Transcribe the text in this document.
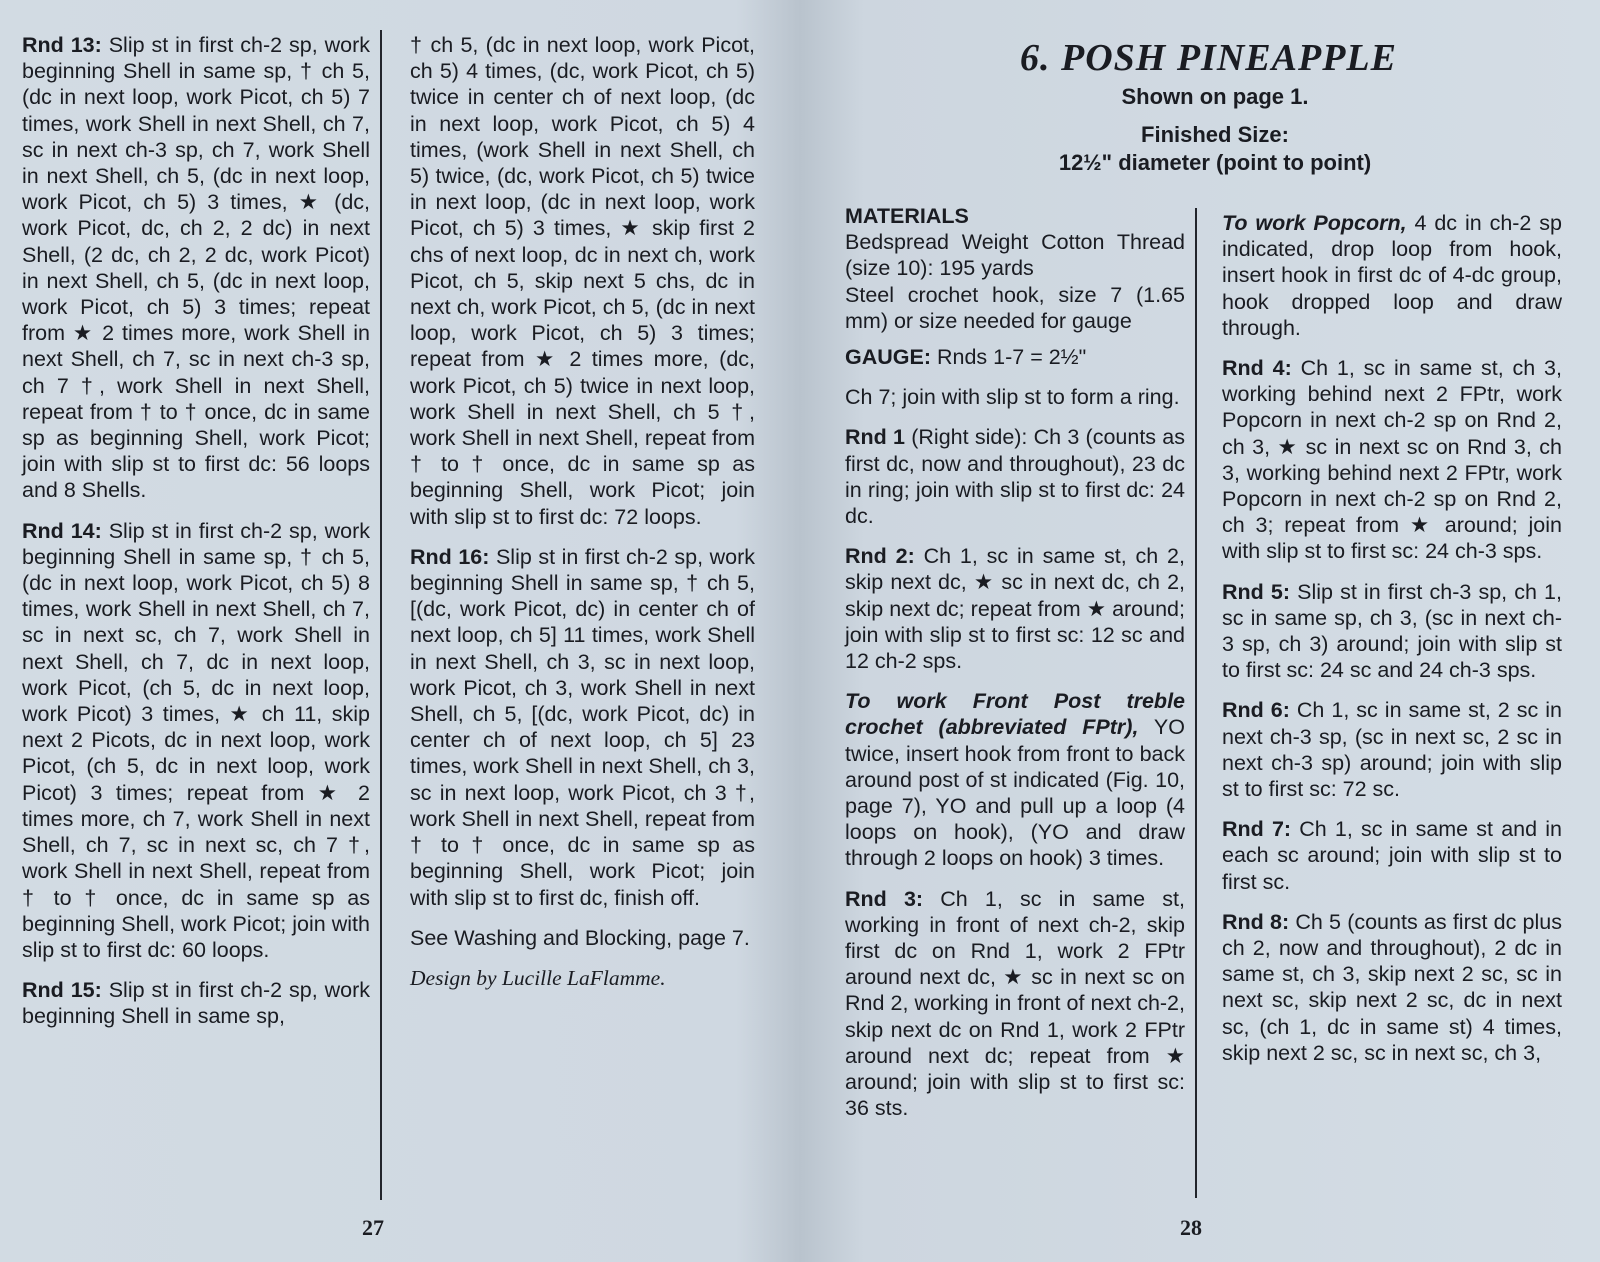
Rnd 13: Slip st in first ch-2 sp, work beginning Shell in same sp, † ch 5, (dc in next loop, work Picot, ch 5) 7 times, work Shell in next Shell, ch 7, sc in next ch-3 sp, ch 7, work Shell in next Shell, ch 5, (dc in next loop, work Picot, ch 5) 3 times, ★ (dc, work Picot, dc, ch 2, 2 dc) in next Shell, (2 dc, ch 2, 2 dc, work Picot) in next Shell, ch 5, (dc in next loop, work Picot, ch 5) 3 times; repeat from ★ 2 times more, work Shell in next Shell, ch 7, sc in next ch-3 sp, ch 7 †, work Shell in next Shell, repeat from † to † once, dc in same sp as beginning Shell, work Picot; join with slip st to first dc: 56 loops and 8 Shells.

Rnd 14: Slip st in first ch-2 sp, work beginning Shell in same sp, † ch 5, (dc in next loop, work Picot, ch 5) 8 times, work Shell in next Shell, ch 7, sc in next sc, ch 7, work Shell in next Shell, ch 7, dc in next loop, work Picot, (ch 5, dc in next loop, work Picot) 3 times, ★ ch 11, skip next 2 Picots, dc in next loop, work Picot, (ch 5, dc in next loop, work Picot) 3 times; repeat from ★ 2 times more, ch 7, work Shell in next Shell, ch 7, sc in next sc, ch 7 †, work Shell in next Shell, repeat from † to † once, dc in same sp as beginning Shell, work Picot; join with slip st to first dc: 60 loops.

Rnd 15: Slip st in first ch-2 sp, work beginning Shell in same sp,

† ch 5, (dc in next loop, work Picot, ch 5) 4 times, (dc, work Picot, ch 5) twice in center ch of next loop, (dc in next loop, work Picot, ch 5) 4 times, (work Shell in next Shell, ch 5) twice, (dc, work Picot, ch 5) twice in next loop, (dc in next loop, work Picot, ch 5) 3 times, ★ skip first 2 chs of next loop, dc in next ch, work Picot, ch 5, skip next 5 chs, dc in next ch, work Picot, ch 5, (dc in next loop, work Picot, ch 5) 3 times; repeat from ★ 2 times more, (dc, work Picot, ch 5) twice in next loop, work Shell in next Shell, ch 5 †, work Shell in next Shell, repeat from † to † once, dc in same sp as beginning Shell, work Picot; join with slip st to first dc: 72 loops.

Rnd 16: Slip st in first ch-2 sp, work beginning Shell in same sp, † ch 5, [(dc, work Picot, dc) in center ch of next loop, ch 5] 11 times, work Shell in next Shell, ch 3, sc in next loop, work Picot, ch 3, work Shell in next Shell, ch 5, [(dc, work Picot, dc) in center ch of next loop, ch 5] 23 times, work Shell in next Shell, ch 3, sc in next loop, work Picot, ch 3 †, work Shell in next Shell, repeat from † to † once, dc in same sp as beginning Shell, work Picot; join with slip st to first dc, finish off.

See Washing and Blocking, page 7.

Design by Lucille LaFlamme.

27
6. POSH PINEAPPLE
Shown on page 1.
Finished Size:
12½" diameter (point to point)

MATERIALS
Bedspread Weight Cotton Thread (size 10): 195 yards
Steel crochet hook, size 7 (1.65 mm) or size needed for gauge

GAUGE: Rnds 1-7 = 2½"

Ch 7; join with slip st to form a ring.

Rnd 1 (Right side): Ch 3 (counts as first dc, now and throughout), 23 dc in ring; join with slip st to first dc: 24 dc.

Rnd 2: Ch 1, sc in same st, ch 2, skip next dc, ★ sc in next dc, ch 2, skip next dc; repeat from ★ around; join with slip st to first sc: 12 sc and 12 ch-2 sps.

To work Front Post treble crochet (abbreviated FPtr), YO twice, insert hook from front to back around post of st indicated (Fig. 10, page 7), YO and pull up a loop (4 loops on hook), (YO and draw through 2 loops on hook) 3 times.

Rnd 3: Ch 1, sc in same st, working in front of next ch-2, skip first dc on Rnd 1, work 2 FPtr around next dc, ★ sc in next sc on Rnd 2, working in front of next ch-2, skip next dc on Rnd 1, work 2 FPtr around next dc; repeat from ★ around; join with slip st to first sc: 36 sts.

To work Popcorn, 4 dc in ch-2 sp indicated, drop loop from hook, insert hook in first dc of 4-dc group, hook dropped loop and draw through.

Rnd 4: Ch 1, sc in same st, ch 3, working behind next 2 FPtr, work Popcorn in next ch-2 sp on Rnd 2, ch 3, ★ sc in next sc on Rnd 3, ch 3, working behind next 2 FPtr, work Popcorn in next ch-2 sp on Rnd 2, ch 3; repeat from ★ around; join with slip st to first sc: 24 ch-3 sps.

Rnd 5: Slip st in first ch-3 sp, ch 1, sc in same sp, ch 3, (sc in next ch-3 sp, ch 3) around; join with slip st to first sc: 24 sc and 24 ch-3 sps.

Rnd 6: Ch 1, sc in same st, 2 sc in next ch-3 sp, (sc in next sc, 2 sc in next ch-3 sp) around; join with slip st to first sc: 72 sc.

Rnd 7: Ch 1, sc in same st and in each sc around; join with slip st to first sc.

Rnd 8: Ch 5 (counts as first dc plus ch 2, now and throughout), 2 dc in same st, ch 3, skip next 2 sc, sc in next sc, skip next 2 sc, dc in next sc, (ch 1, dc in same st) 4 times, skip next 2 sc, sc in next sc, ch 3,

28
